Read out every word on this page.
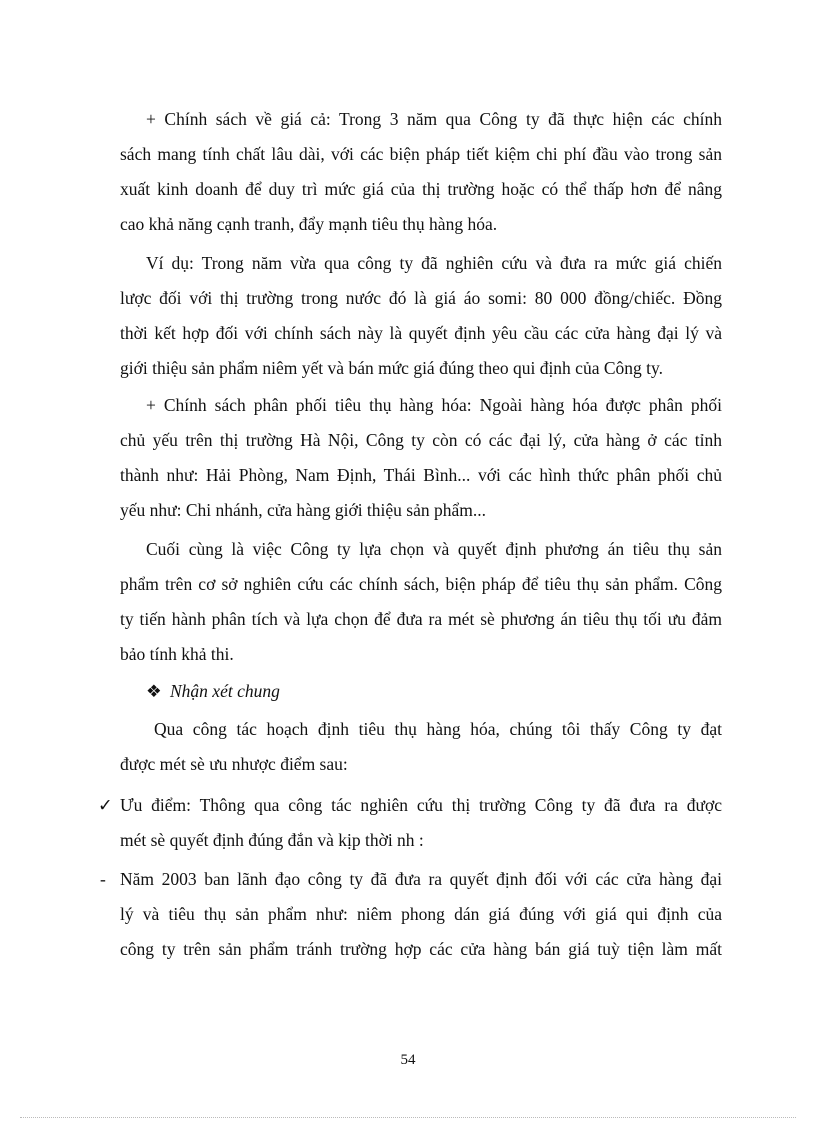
+ Chính sách về giá cả: Trong 3 năm qua Công ty đã thực hiện các chính
sách mang tính chất lâu dài, với các biện pháp tiết kiệm chi phí đầu vào trong sản
xuất kinh doanh để duy trì mức giá của thị trường hoặc có thể thấp hơn để nâng
cao khả năng cạnh tranh, đẩy mạnh tiêu thụ hàng hóa.
Ví dụ: Trong năm vừa qua công ty đã nghiên cứu và đưa ra mức giá chiến
lược đối với thị trường trong nước đó là giá áo somi: 80 000 đồng/chiếc. Đồng
thời kết hợp đối với chính sách này là quyết định yêu cầu các cửa hàng đại lý và
giới thiệu sản phẩm niêm yết và bán mức giá đúng theo qui định của Công ty.
+ Chính sách phân phối tiêu thụ hàng hóa: Ngoài hàng hóa được phân phối
chủ yếu trên thị trường Hà Nội, Công ty còn có các đại lý, cửa hàng ở các tỉnh
thành như: Hải Phòng, Nam Định, Thái Bình... với các hình thức phân phối chủ
yếu như: Chi nhánh, cửa hàng giới thiệu sản phẩm...
Cuối cùng là việc Công ty lựa chọn và quyết định phương án tiêu thụ sản
phẩm trên cơ sở nghiên cứu các chính sách, biện pháp để tiêu thụ sản phẩm. Công
ty tiến hành phân tích và lựa chọn để đưa ra mét sè phương án tiêu thụ tối ưu đảm
bảo tính khả thi.
❖ Nhận xét chung
Qua công tác hoạch định tiêu thụ hàng hóa, chúng tôi thấy Công ty đạt
được mét sè ưu nhược điểm sau:
✓ Ưu điểm: Thông qua công tác nghiên cứu thị trường Công ty đã đưa ra được
mét sè quyết định đúng đắn và kịp thời nh :
- Năm 2003 ban lãnh đạo công ty đã đưa ra quyết định đối với các cửa hàng đại
lý và tiêu thụ sản phẩm như: niêm phong dán giá đúng với giá qui định của
công ty trên sản phẩm tránh trường hợp các cửa hàng bán giá tuỳ tiện làm mất
54
